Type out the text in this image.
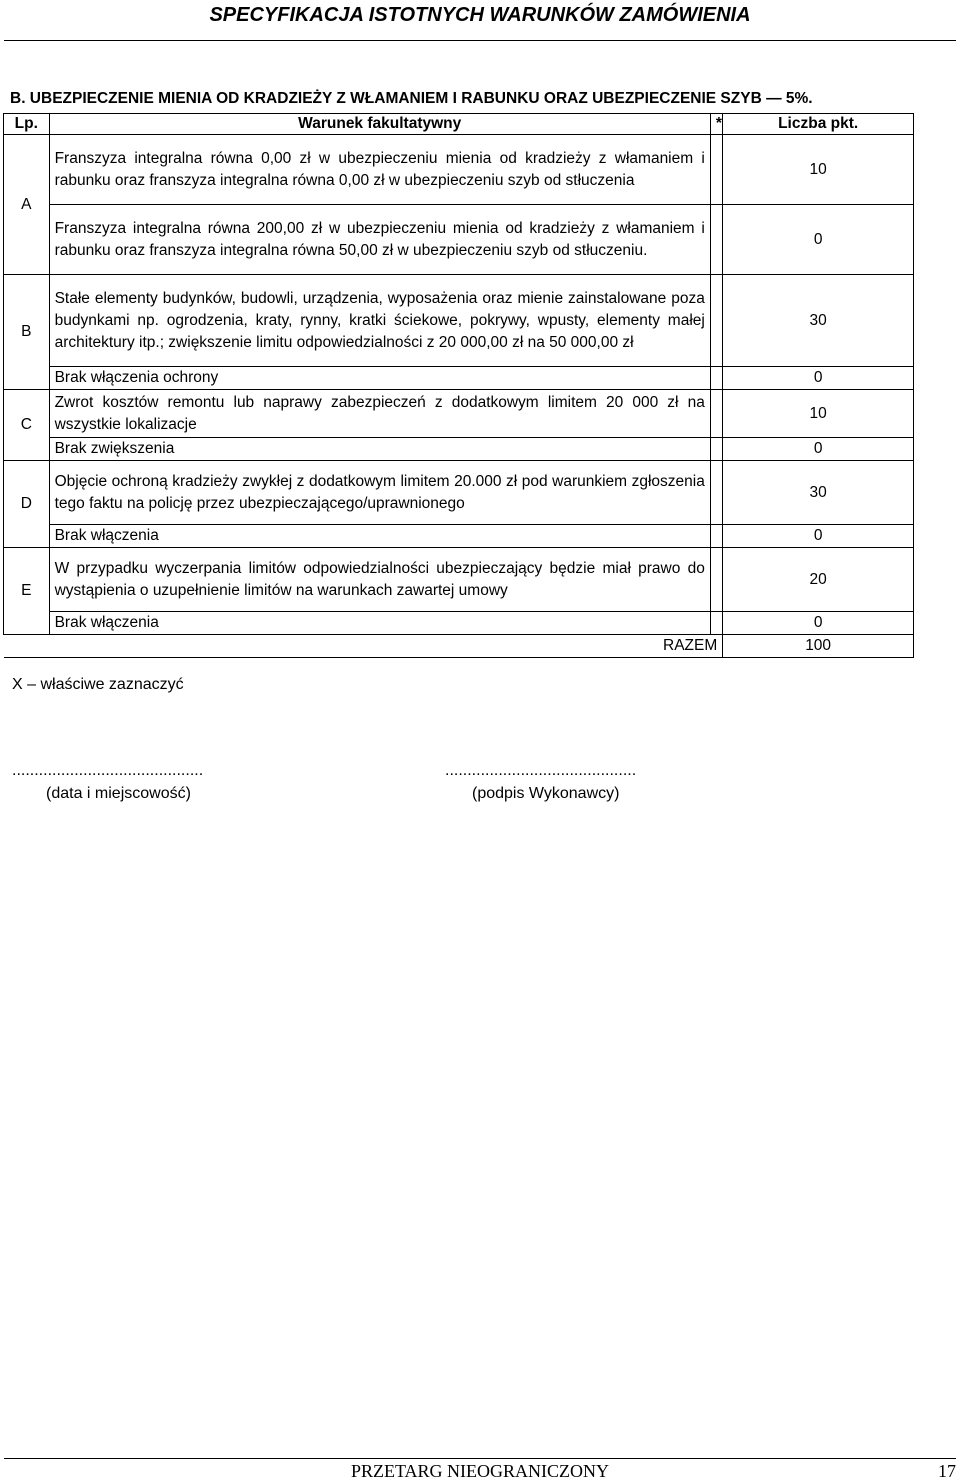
SPECYFIKACJA ISTOTNYCH WARUNKÓW ZAMÓWIENIA
B. UBEZPIECZENIE MIENIA OD KRADZIEŻY Z WŁAMANIEM I RABUNKU ORAZ UBEZPIECZENIE SZYB — 5%.
Lp.	Warunek fakultatywny	*	Liczba pkt.
A	Franszyza integralna równa 0,00 zł w ubezpieczeniu mienia od kradzieży z włamaniem i rabunku oraz franszyza integralna równa 0,00 zł w ubezpieczeniu szyb od stłuczenia		10
	Franszyza integralna równa 200,00 zł w ubezpieczeniu mienia od kradzieży z włamaniem i rabunku oraz franszyza integralna równa 50,00 zł w ubezpieczeniu szyb od stłuczeniu.		0
B	Stałe elementy budynków, budowli, urządzenia, wyposażenia oraz mienie zainstalowane poza budynkami np. ogrodzenia, kraty, rynny, kratki ściekowe, pokrywy, wpusty, elementy małej architektury itp.; zwiększenie limitu odpowiedzialności z 20 000,00 zł na 50 000,00 zł		30
	Brak włączenia ochrony		0
C	Zwrot kosztów remontu lub naprawy zabezpieczeń z dodatkowym limitem 20 000 zł na wszystkie lokalizacje		10
	Brak zwiększenia		0
D	Objęcie ochroną kradzieży zwykłej z dodatkowym limitem 20.000 zł pod warunkiem zgłoszenia tego faktu na policję przez ubezpieczającego/uprawnionego		30
	Brak włączenia		0
E	W przypadku wyczerpania limitów odpowiedzialności ubezpieczający będzie miał prawo do wystąpienia o uzupełnienie limitów na warunkach zawartej umowy		20
	Brak włączenia		0
RAZEM			100
X – właściwe zaznaczyć
...........................................	...........................................
(data i miejscowość)	(podpis Wykonawcy)
PRZETARG NIEOGRANICZONY	17
